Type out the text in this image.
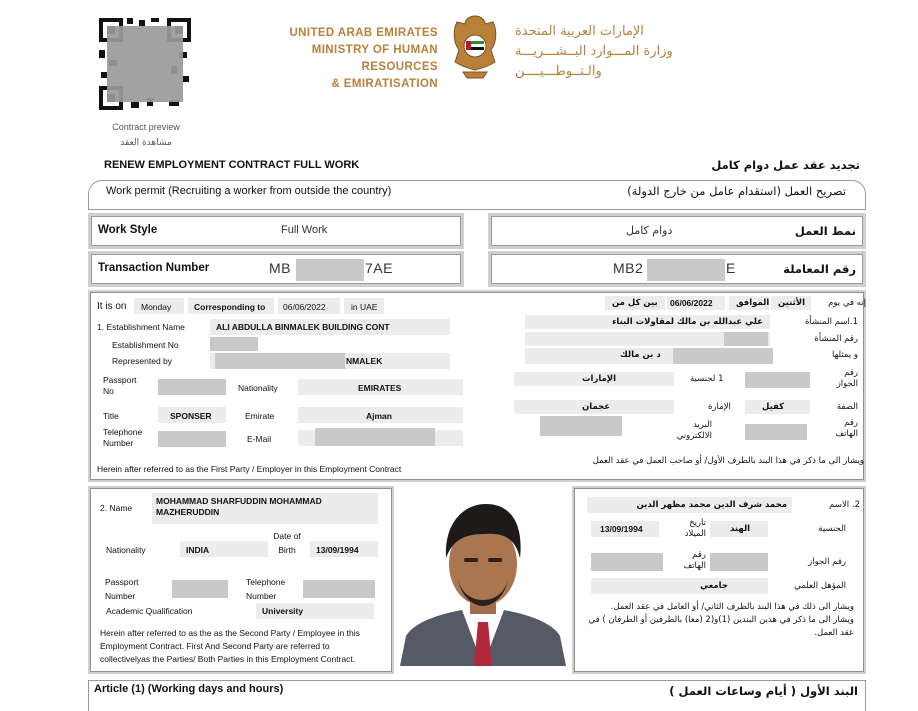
Contract preview
مشاهدة العقد
UNITED ARAB EMIRATES
MINISTRY OF HUMAN RESOURCES
& EMIRATISATION
الإمارات العربية المتحدة
وزارة المـــوارد البــشـــريـــة
والـتــوطـــيــــن
RENEW EMPLOYMENT CONTRACT FULL WORK	تجديد عقد عمل دوام كامل
Work permit (Recruiting a worker from outside the country)	تصريح العمل (استقدام عامل من خارج الدولة)
Work Style	Full Work	نمط العمل
دوام كامل
Transaction Number	MB	7AE	رقم المعاملة
MB2	E
It is on Monday	Corresponding to 06/06/2022	in UAE	بين كل من 06/06/2022	الموافق الأثنين	إنه في يوم
1. Establishment Name	ALI ABDULLA BINMALEK BUILDING CONT	علي عبدالله بن مالك لمقاولات البناء	1.اسم المنشأة
Establishment No
رقم المنشأة
Represented by	NMALEK
د بن مالك	و يمثلها
Passport No	Nationality	EMIRATES
الإمارات	1 لجنسية
رقم الجواز
Title	SPONSER	Emirate	Ajman
عجمان	الإمارة	كفيل	الصفة
Telephone Number	E-Mail
البريد الالكتروني
رقم الهاتف
Herein after referred to as the First Party / Employer in this Employment Contract
ويشار الى ما ذكر في هذا البند بالطرف الأول/ أو صاحب العمل في عقد العمل
2. Name
MOHAMMAD SHARFUDDIN MOHAMMAD MAZHERUDDIN
Nationality	INDIA
Date of Birth	13/09/1994
Passport Number
Telephone Number
Academic Qualification	University
Herein after referred to as the as the Second Party / Employee in this Employment Contract. First And Second Party are referred to collectivelyas the Parties/ Both Parties in this Employment Contract.
محمد شرف الدين محمد مظهر الدين	2. الاسم
13/09/1994
تاريخ الميلاد	الهند	الجنسية
رقم الهاتف	رقم الجواز
جامعي	المؤهل العلمي
ويشار الى ذلك في هذا البند بالطرف الثاني/ أو العامل في عقد العمل. ويشار الى ما ذكر في هذين البندين (1)و(2 (معا) بالطرفين أو الطرفان ) في عقد العمل.
Article (1) (Working days and hours)	البند الأول ( أيام وساعات العمل )
